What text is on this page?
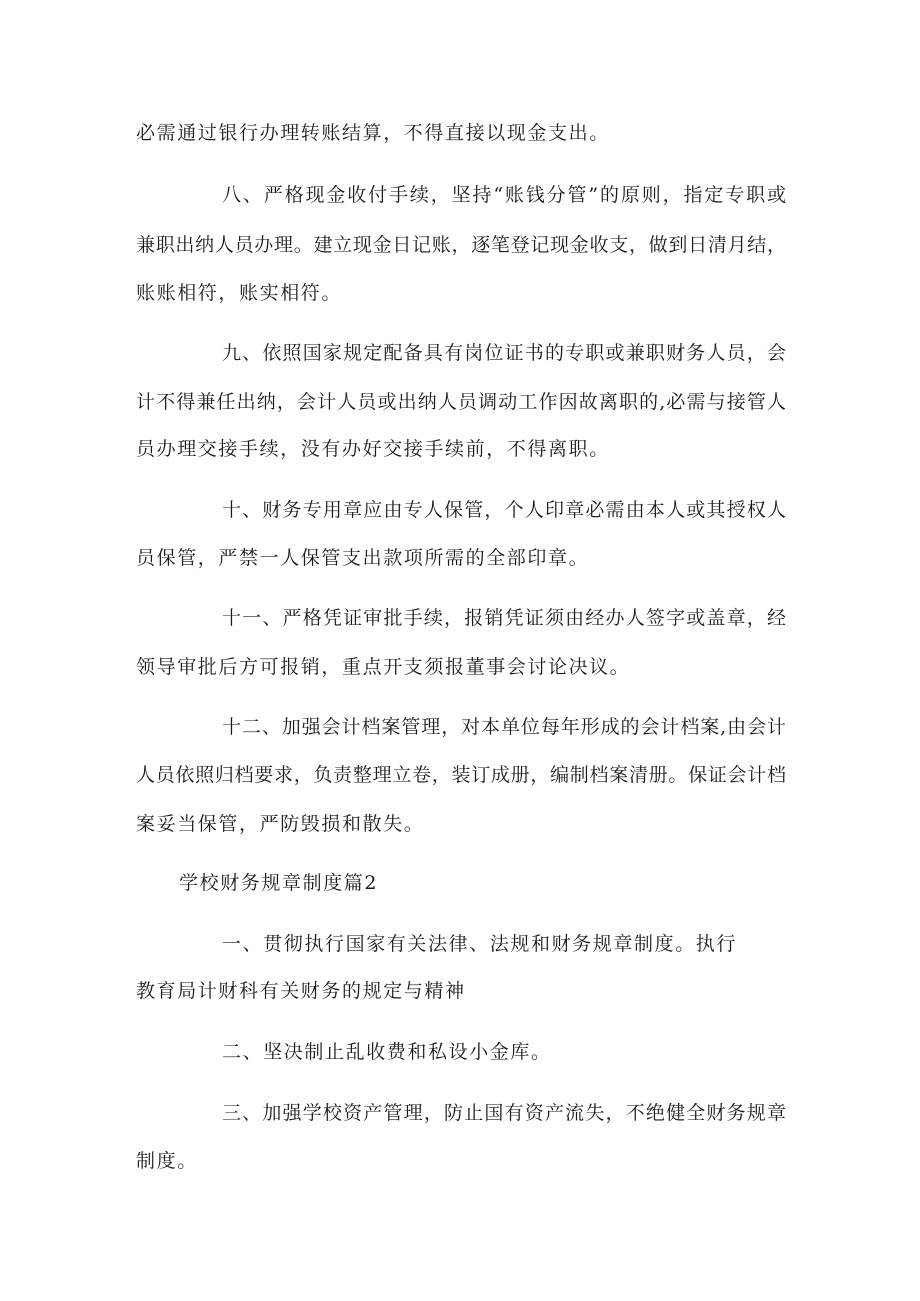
必需通过银行办理转账结算，不得直接以现金支出。
八、严格现金收付手续，坚持“账钱分管”的原则，指定专职或
兼职出纳人员办理。建立现金日记账，逐笔登记现金收支，做到日清月结，
账账相符，账实相符。
九、依照国家规定配备具有岗位证书的专职或兼职财务人员，会
计不得兼任出纳，会计人员或出纳人员调动工作因故离职的,必需与接管人
员办理交接手续，没有办好交接手续前，不得离职。
十、财务专用章应由专人保管，个人印章必需由本人或其授权人
员保管，严禁一人保管支出款项所需的全部印章。
十一、严格凭证审批手续，报销凭证须由经办人签字或盖章，经
领导审批后方可报销，重点开支须报董事会讨论决议。
十二、加强会计档案管理，对本单位每年形成的会计档案,由会计
人员依照归档要求，负责整理立卷，装订成册，编制档案清册。保证会计档
案妥当保管，严防毁损和散失。
学校财务规章制度篇2
一、贯彻执行国家有关法律、法规和财务规章制度。执行
教育局计财科有关财务的规定与精神
二、坚决制止乱收费和私设小金库。
三、加强学校资产管理，防止国有资产流失，不绝健全财务规章
制度。
